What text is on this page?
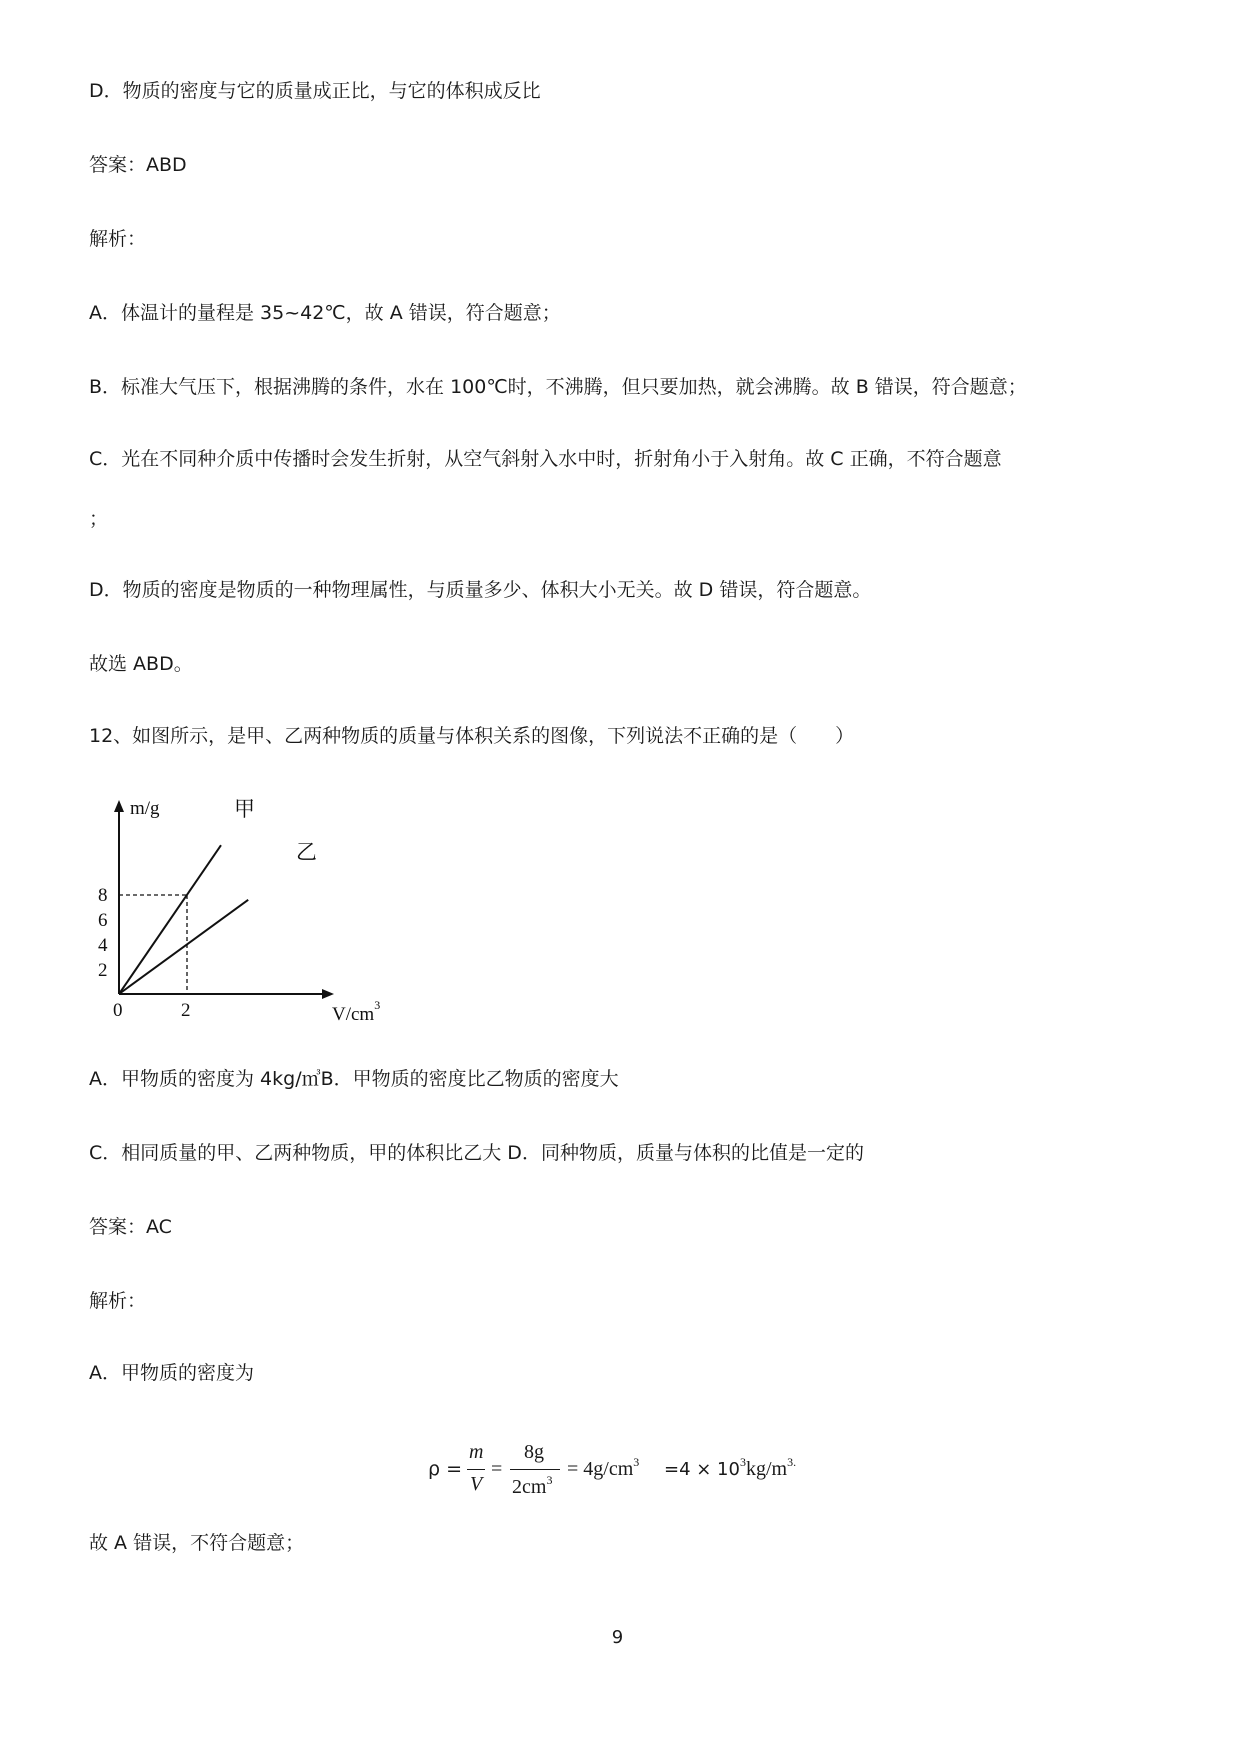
D．物质的密度与它的质量成正比，与它的体积成反比
答案：ABD
解析：
A．体温计的量程是 35~42℃，故 A 错误，符合题意；
B．标准大气压下，根据沸腾的条件，水在 100℃时，不沸腾，但只要加热，就会沸腾。故 B 错误，符合题意；
C．光在不同种介质中传播时会发生折射，从空气斜射入水中时，折射角小于入射角。故 C 正确，不符合题意
；
D．物质的密度是物质的一种物理属性，与质量多少、体积大小无关。故 D 错误，符合题意。
故选 ABD。
12、如图所示，是甲、乙两种物质的质量与体积关系的图像，下列说法不正确的是（　　）
A．甲物质的密度为 4kg/㎥B．甲物质的密度比乙物质的密度大
C．相同质量的甲、乙两种物质，甲的体积比乙大 D．同种物质，质量与体积的比值是一定的
答案：AC
解析：
A．甲物质的密度为
故 A 错误，不符合题意；
m/g	甲
乙
8
6
4
2
0	2	$V/cm^3$
ρ =
m
V
=
8g
$2cm^3 = 4g/cm^3 =4 \times 10^3kg/m^{3.}$
9
